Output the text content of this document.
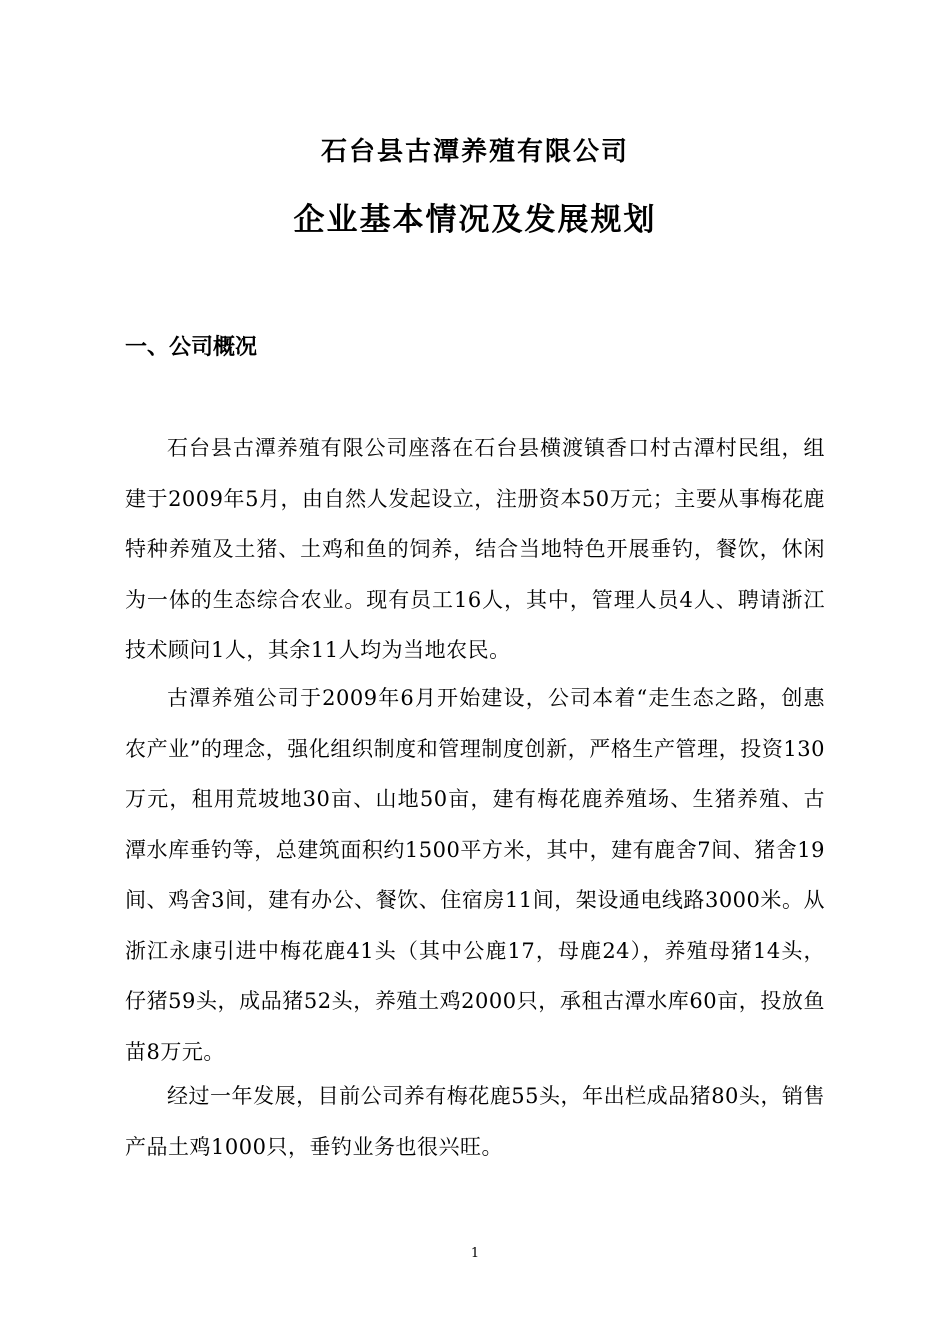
石台县古潭养殖有限公司
企业基本情况及发展规划
一、公司概况

石台县古潭养殖有限公司座落在石台县横渡镇香口村古潭村民组，组建于2009年5月，由自然人发起设立，注册资本50万元；主要从事梅花鹿特种养殖及土猪、土鸡和鱼的饲养，结合当地特色开展垂钓，餐饮，休闲为一体的生态综合农业。现有员工16人，其中，管理人员4人、聘请浙江技术顾问1人，其余11人均为当地农民。

古潭养殖公司于2009年6月开始建设，公司本着“走生态之路，创惠农产业”的理念，强化组织制度和管理制度创新，严格生产管理，投资130万元，租用荒坡地30亩、山地50亩，建有梅花鹿养殖场、生猪养殖、古潭水库垂钓等，总建筑面积约1500平方米，其中，建有鹿舍7间、猪舍19间、鸡舍3间，建有办公、餐饮、住宿房11间，架设通电线路3000米。从浙江永康引进中梅花鹿41头（其中公鹿17，母鹿24），养殖母猪14头，仔猪59头，成品猪52头，养殖土鸡2000只，承租古潭水库60亩，投放鱼苗8万元。

经过一年发展，目前公司养有梅花鹿55头，年出栏成品猪80头，销售产品土鸡1000只，垂钓业务也很兴旺。

1
